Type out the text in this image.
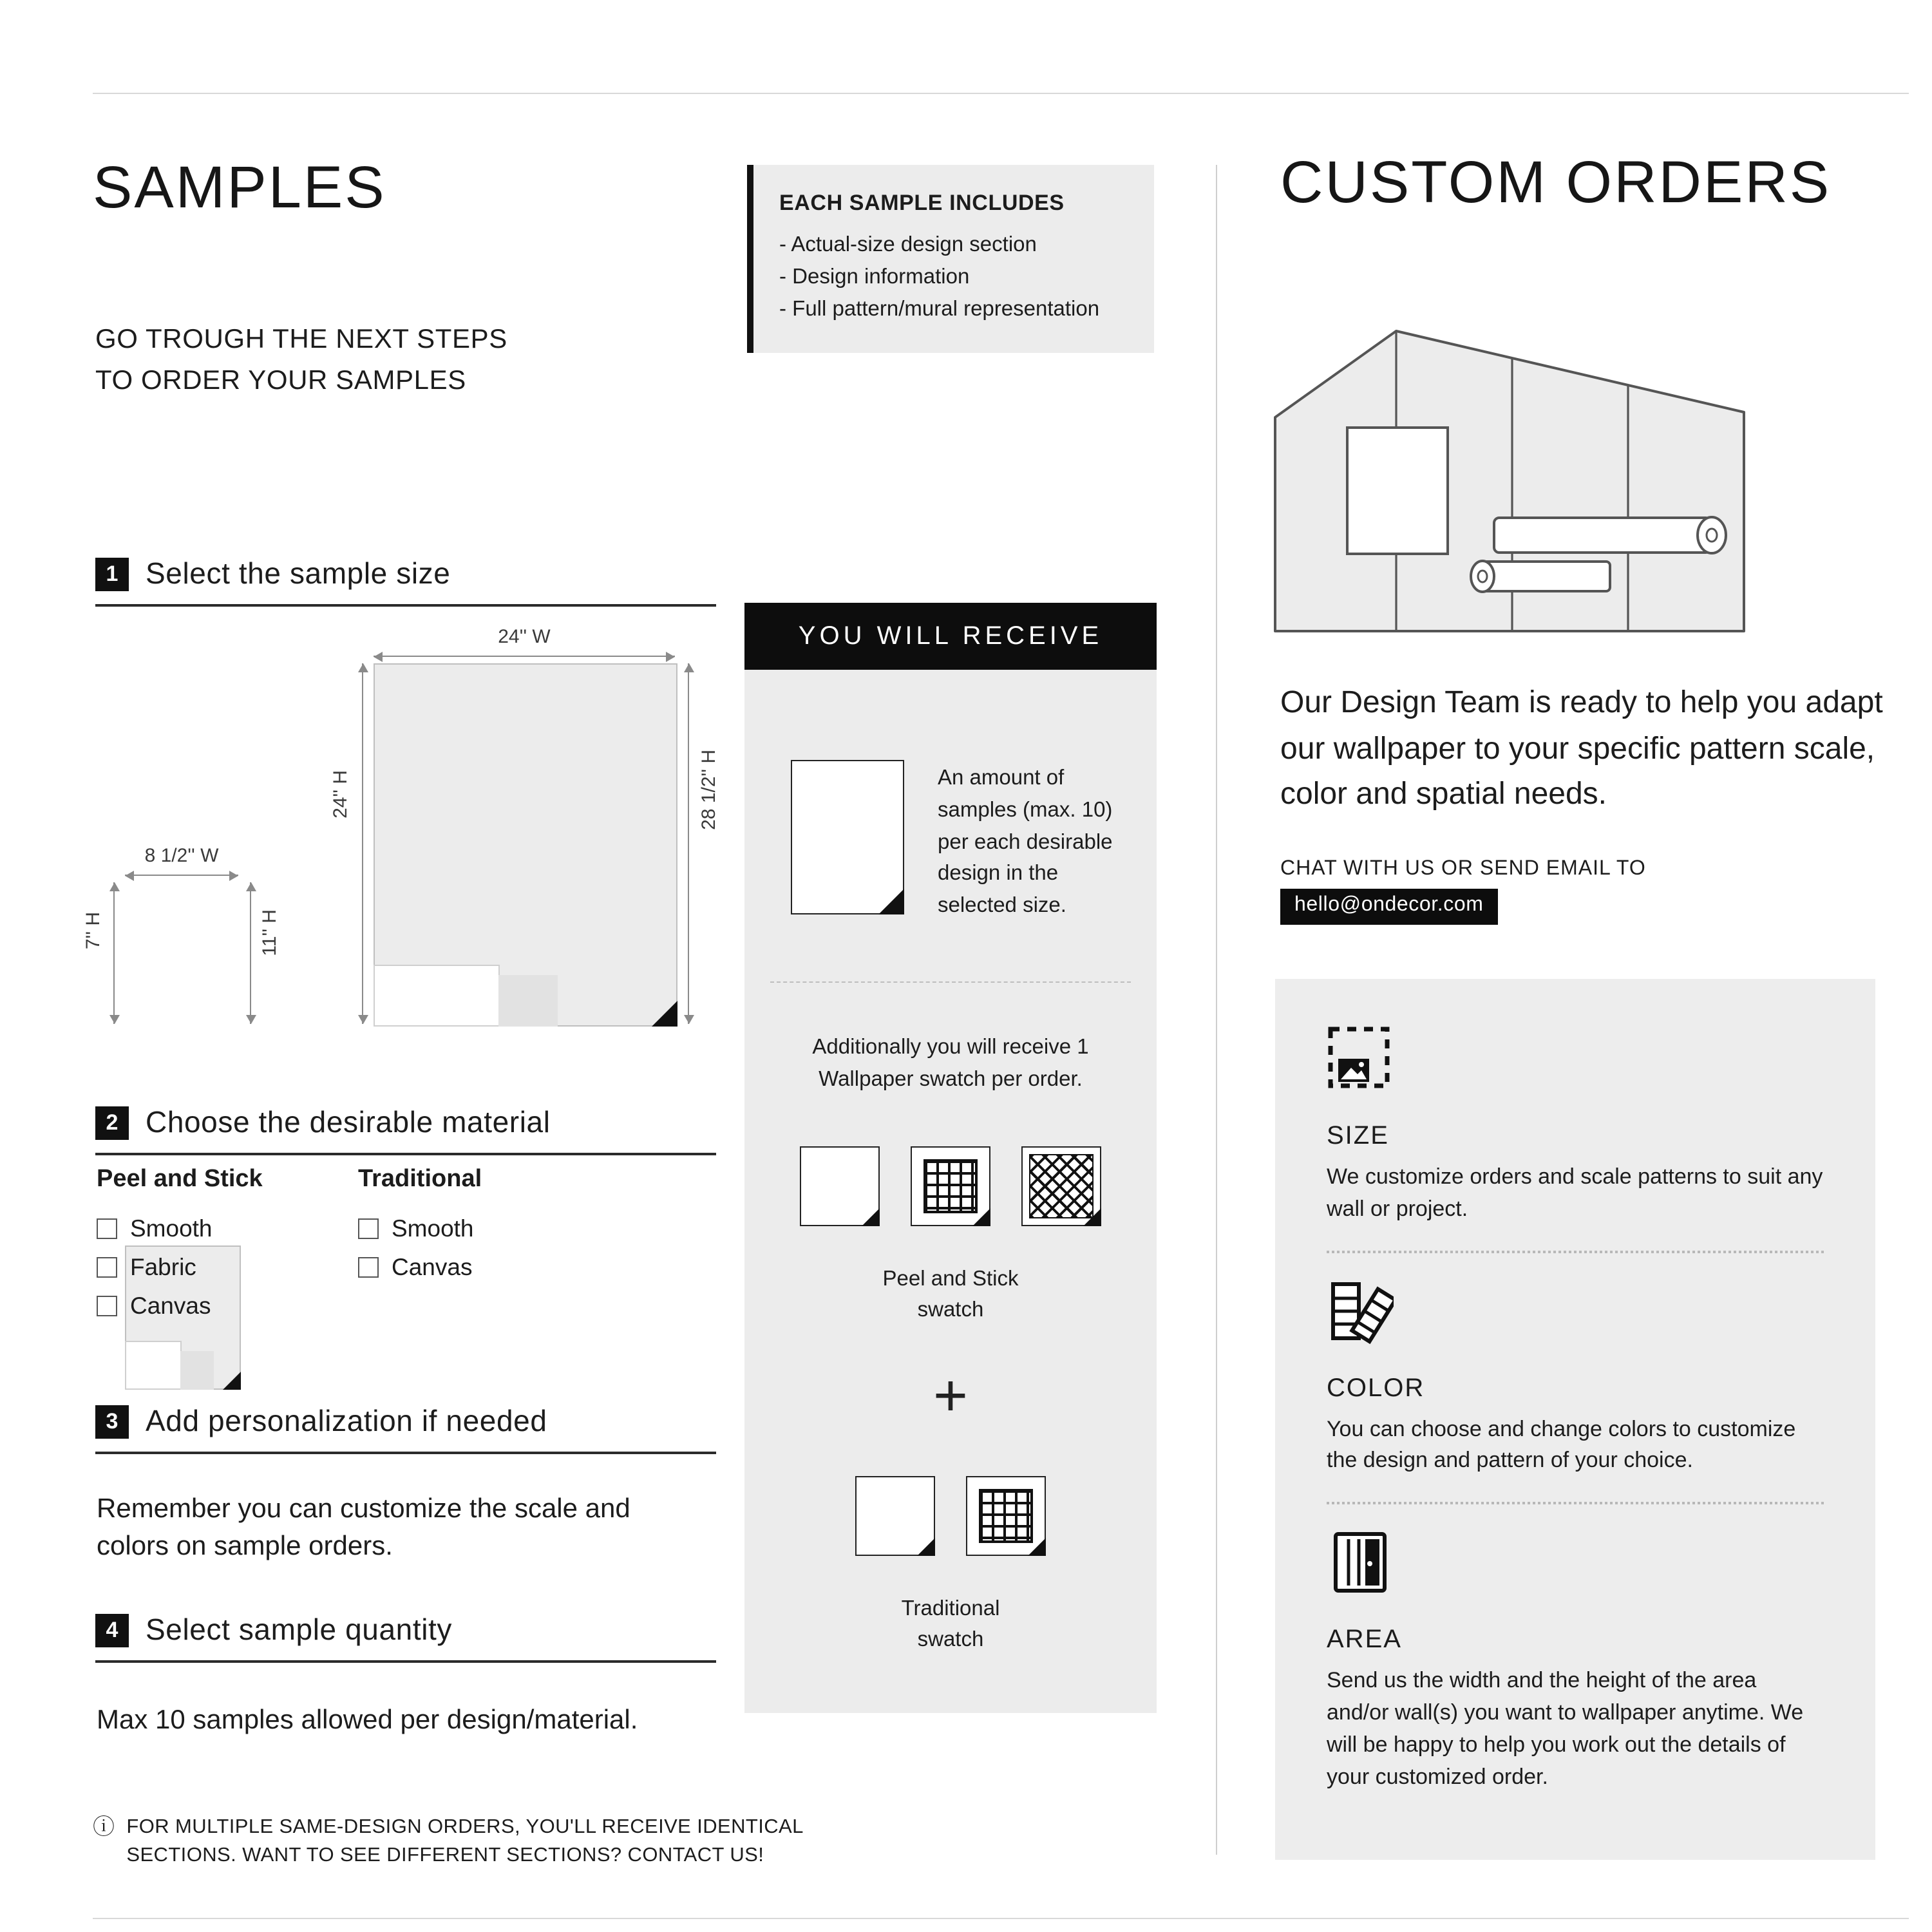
SAMPLES
GO TROUGH THE NEXT STEPS
TO ORDER YOUR SAMPLES
EACH SAMPLE INCLUDES
- Actual-size design section
- Design information
- Full pattern/mural representation
1	Select the sample size
24'' W
24'' H	28 1/2'' H
8 1/2'' W
7'' H	11'' H
2	Choose the desirable material
Peel and Stick
Smooth
Fabric
Canvas
Traditional
Smooth
Canvas
3	Add personalization if needed

Remember you can customize the scale and colors on sample orders.

4	Select sample quantity

Max 10 samples allowed per design/material.

ⓘ FOR MULTIPLE SAME-DESIGN ORDERS, YOU'LL RECEIVE IDENTICAL
SECTIONS. WANT TO SEE DIFFERENT SECTIONS? CONTACT US!
YOU WILL RECEIVE

An amount of samples (max. 10) per each desirable design in the selected size.

Additionally you will receive 1 Wallpaper swatch per order.

Peel and Stick
swatch
+
Traditional
swatch
CUSTOM ORDERS

Our Design Team is ready to help you adapt our wallpaper to your specific pattern scale, color and spatial needs.

CHAT WITH US OR SEND EMAIL TO
hello@ondecor.com
SIZE

We customize orders and scale patterns to suit any wall or project.

COLOR

You can choose and change colors to customize the design and pattern of your choice.

AREA

Send us the width and the height of the area and/or wall(s) you want to wallpaper anytime. We will be happy to help you work out the details of your customized order.
